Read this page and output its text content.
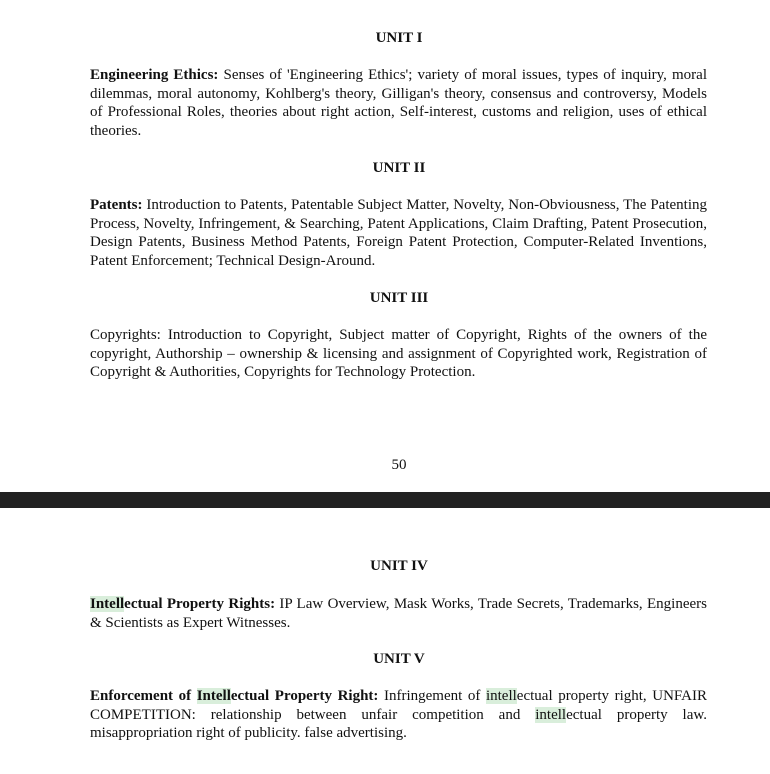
UNIT I

Engineering Ethics: Senses of 'Engineering Ethics'; variety of moral issues, types of inquiry, moral dilemmas, moral autonomy, Kohlberg's theory, Gilligan's theory, consensus and controversy, Models of Professional Roles, theories about right action, Self-interest, customs and religion, uses of ethical theories.

UNIT II

Patents: Introduction to Patents, Patentable Subject Matter, Novelty, Non-Obviousness, The Patenting Process, Novelty, Infringement, & Searching, Patent Applications, Claim Drafting, Patent Prosecution, Design Patents, Business Method Patents, Foreign Patent Protection, Computer-Related Inventions, Patent Enforcement; Technical Design-Around.

UNIT III

Copyrights: Introduction to Copyright, Subject matter of Copyright, Rights of the owners of the copyright, Authorship – ownership & licensing and assignment of Copyrighted work, Registration of Copyright & Authorities, Copyrights for Technology Protection.

50
UNIT IV

Intellectual Property Rights: IP Law Overview, Mask Works, Trade Secrets, Trademarks, Engineers & Scientists as Expert Witnesses.

UNIT V

Enforcement of Intellectual Property Right: Infringement of intellectual property right, UNFAIR COMPETITION: relationship between unfair competition and intellectual property law. misappropriation right of publicity. false advertising.
